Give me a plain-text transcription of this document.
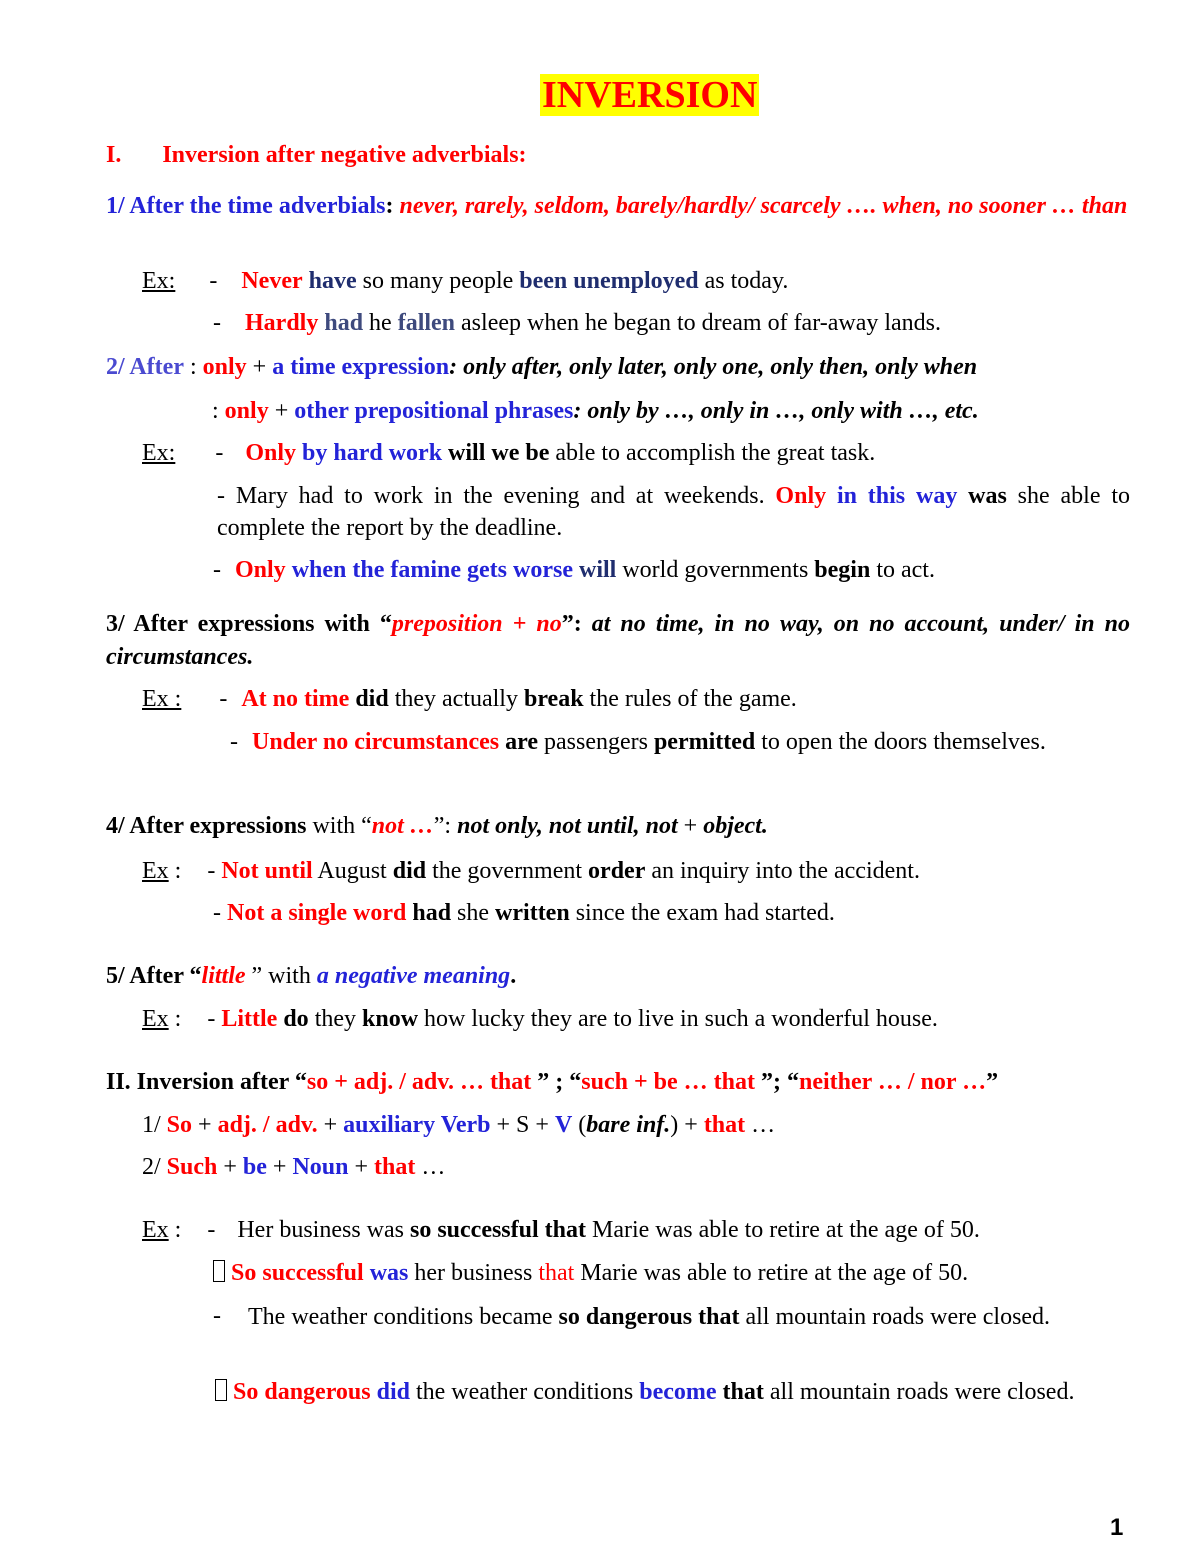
INVERSION
I. Inversion after negative adverbials:
1/ After the time adverbials: never, rarely, seldom, barely/hardly/ scarcely …. when, no sooner … than
Ex: - Never have so many people been unemployed as today.
- Hardly had he fallen asleep when he began to dream of far-away lands.
2/ After : only + a time expression: only after, only later, only one, only then, only when
: only + other prepositional phrases: only by …, only in …, only with …, etc.
Ex: - Only by hard work will we be able to accomplish the great task.
- Mary had to work in the evening and at weekends. Only in this way was she able to complete the report by the deadline.
- Only when the famine gets worse will world governments begin to act.
3/ After expressions with “preposition + no”: at no time, in no way, on no account, under/ in no circumstances.
Ex : - At no time did they actually break the rules of the game.
- Under no circumstances are passengers permitted to open the doors themselves.
4/ After expressions with “not …”: not only, not until, not + object.
Ex : - Not until August did the government order an inquiry into the accident.
- Not a single word had she written since the exam had started.
5/ After “little ” with a negative meaning.
Ex : - Little do they know how lucky they are to live in such a wonderful house.
II. Inversion after “so + adj. / adv. … that ” ; “such + be … that ”; “neither … / nor …”
1/ So + adj. / adv. + auxiliary Verb + S + V (bare inf.) + that …
2/ Such + be + Noun + that …
Ex : - Her business was so successful that Marie was able to retire at the age of 50.
So successful was her business that Marie was able to retire at the age of 50.
- The weather conditions became so dangerous that all mountain roads were closed.
So dangerous did the weather conditions become that all mountain roads were closed.
1
